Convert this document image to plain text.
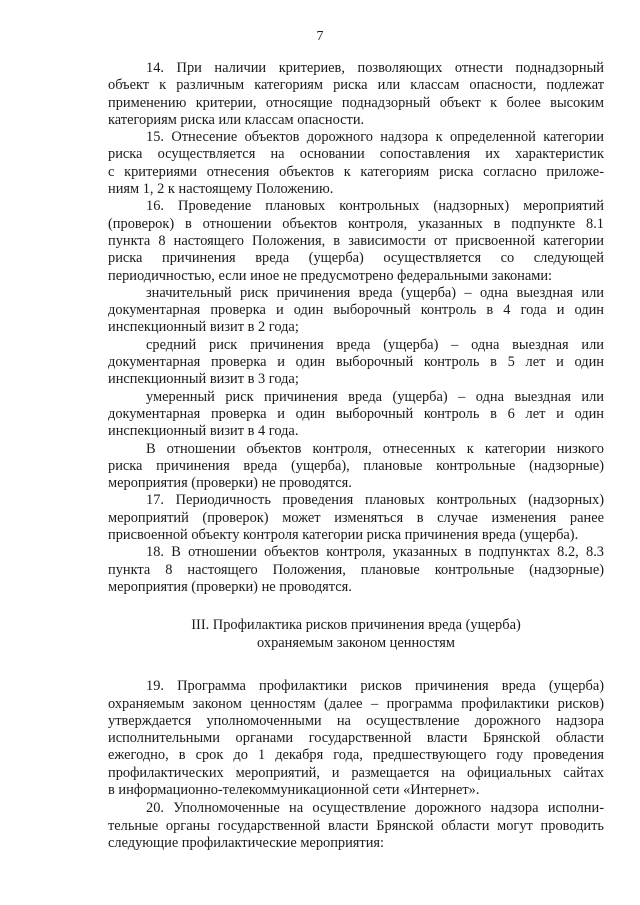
7
14. При наличии критериев, позволяющих отнести поднадзорный
объект к различным категориям риска или классам опасности, подлежат
применению критерии, относящие поднадзорный объект к более высоким
категориям риска или классам опасности.
15. Отнесение объектов дорожного надзора к определенной категории
риска осуществляется на основании сопоставления их характеристик
с критериями отнесения объектов к категориям риска согласно приложе-
ниям 1, 2 к настоящему Положению.
16. Проведение плановых контрольных (надзорных) мероприятий
(проверок) в отношении объектов контроля, указанных в подпункте 8.1
пункта 8 настоящего Положения, в зависимости от присвоенной категории
риска причинения вреда (ущерба) осуществляется со следующей
периодичностью, если иное не предусмотрено федеральными законами:
значительный риск причинения вреда (ущерба) – одна выездная или
документарная проверка и один выборочный контроль в 4 года и один
инспекционный визит в 2 года;
средний риск причинения вреда (ущерба) – одна выездная или
документарная проверка и один выборочный контроль в 5 лет и один
инспекционный визит в 3 года;
умеренный риск причинения вреда (ущерба) – одна выездная или
документарная проверка и один выборочный контроль в 6 лет и один
инспекционный визит в 4 года.
В отношении объектов контроля, отнесенных к категории низкого
риска причинения вреда (ущерба), плановые контрольные (надзорные)
мероприятия (проверки) не проводятся.
17. Периодичность проведения плановых контрольных (надзорных)
мероприятий (проверок) может изменяться в случае изменения ранее
присвоенной объекту контроля категории риска причинения вреда (ущерба).
18. В отношении объектов контроля, указанных в подпунктах 8.2, 8.3
пункта 8 настоящего Положения, плановые контрольные (надзорные)
мероприятия (проверки) не проводятся.
III. Профилактика рисков причинения вреда (ущерба)
охраняемым законом ценностям
19. Программа профилактики рисков причинения вреда (ущерба)
охраняемым законом ценностям (далее – программа профилактики рисков)
утверждается уполномоченными на осуществление дорожного надзора
исполнительными органами государственной власти Брянской области
ежегодно, в срок до 1 декабря года, предшествующего году проведения
профилактических мероприятий, и размещается на официальных сайтах
в информационно-телекоммуникационной сети «Интернет».
20. Уполномоченные на осуществление дорожного надзора исполни-
тельные органы государственной власти Брянской области могут проводить
следующие профилактические мероприятия:
